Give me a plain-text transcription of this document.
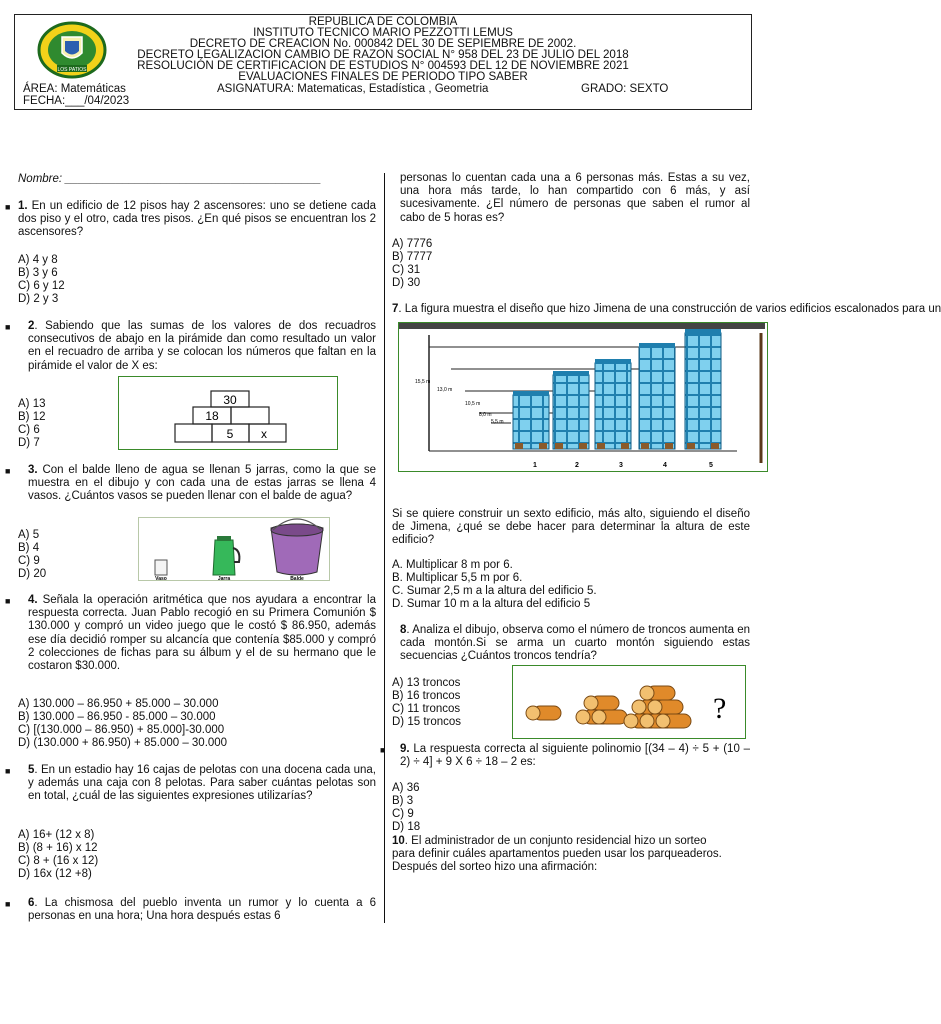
LOS PATIOS
REPUBLICA DE COLOMBIA
INSTITUTO TECNICO MARIO PEZZOTTI LEMUS
DECRETO DE CREACION No. 000842 DEL 30 DE SEPIEMBRE DE 2002.
DECRETO LEGALIZACION CAMBIO DE RAZON SOCIAL N° 958 DEL 23 DE JULIO DEL 2018
RESOLUCIÓN DE CERTIFICACION DE ESTUDIOS N° 004593 DEL 12 DE NOVIEMBRE 2021
EVALUACIONES FINALES DE PERIODO TIPO SABER
ÁREA: Matemáticas	ASIGNATURA: Matematicas, Estadística , Geometria	GRADO: SEXTO
FECHA:___/04/2023
Nombre: ________________________________________
■ 1. En un edificio de 12 pisos hay 2 ascensores: uno se detiene cada dos piso y el otro, cada tres pisos. ¿En qué pisos se encuentran los 2 ascensores?
A) 4 y 8
B) 3 y 6
C) 6 y 12
D) 2 y 3
■ 2. Sabiendo que las sumas de los valores de dos recuadros consecutivos de abajo en la pirámide dan como resultado un valor en el recuadro de arriba y se colocan los números que faltan en la pirámide el valor de X es:
A) 13
B) 12
C) 6
D) 7
30
18
5 x
■ 3. Con el balde lleno de agua se llenan 5 jarras, como la que se muestra en el dibujo y con cada una de estas jarras se llena 4 vasos. ¿Cuántos vasos se pueden llenar con el balde de agua?
A) 5
B) 4
C) 9
D) 20	Vaso	Jarra	Balde
■ 4. Señala la operación aritmética que nos ayudara a encontrar la respuesta correcta. Juan Pablo recogió en su Primera Comunión $ 130.000 y compró un video juego que le costó $ 86.950, además ese día decidió romper su alcancía que contenía $85.000 y compró 2 colecciones de fichas para su álbum y el de su hermano que le costaron $30.000.
A) 130.000 – 86.950 + 85.000 – 30.000
B) 130.000 – 86.950 - 85.000 – 30.000
C) [(130.000 – 86.950) + 85.000]-30.000
D) (130.000 + 86.950) + 85.000 – 30.000
■ 5. En un estadio hay 16 cajas de pelotas con una docena cada una, y además una caja con 8 pelotas. Para saber cuántas pelotas son en total, ¿cuál de las siguientes expresiones utilizarías?
A) 16+ (12 x 8)
B) (8 + 16) x 12
C) 8 + (16 x 12)
D) 16x (12 +8)
■ 6. La chismosa del pueblo inventa un rumor y lo cuenta a 6 personas en una hora; Una hora después estas 6
personas lo cuentan cada una a 6 personas más. Estas a su vez, una hora más tarde, lo han compartido con 6 más, y así sucesivamente. ¿El número de personas que saben el rumor al cabo de 5 horas es?
A) 7776
B) 7777
C) 31
D) 30
7. La figura muestra el diseño que hizo Jimena de una construcción de varios edificios escalonados para un
15,5 m
13,0 m
10,5 m
8,0 m
5,5 m
1	2	3	4	5
Si se quiere construir un sexto edificio, más alto, siguiendo el diseño de Jimena, ¿qué se debe hacer para determinar la altura de este edificio?
A. Multiplicar 8 m por 6.
B. Multiplicar 5,5 m por 6.
C. Sumar 2,5 m a la altura del edificio 5.
D. Sumar 10 m a la altura del edificio 5
8. Analiza el dibujo, observa como el número de troncos aumenta en cada montón.Si se arma un cuarto montón siguiendo estas secuencias ¿Cuántos troncos tendría?
A) 13 troncos
B) 16 troncos
C) 11 troncos
D) 15 troncos	?
■ 9. La respuesta correcta al siguiente polinomio [(34 – 4) ÷ 5 + (10 – 2) ÷ 4] + 9 X 6 ÷ 18 – 2 es:
A) 36
B) 3
C) 9
D) 18
10. El administrador de un conjunto residencial hizo un sorteo para definir cuáles apartamentos pueden usar los parqueaderos. Después del sorteo hizo una afirmación:
